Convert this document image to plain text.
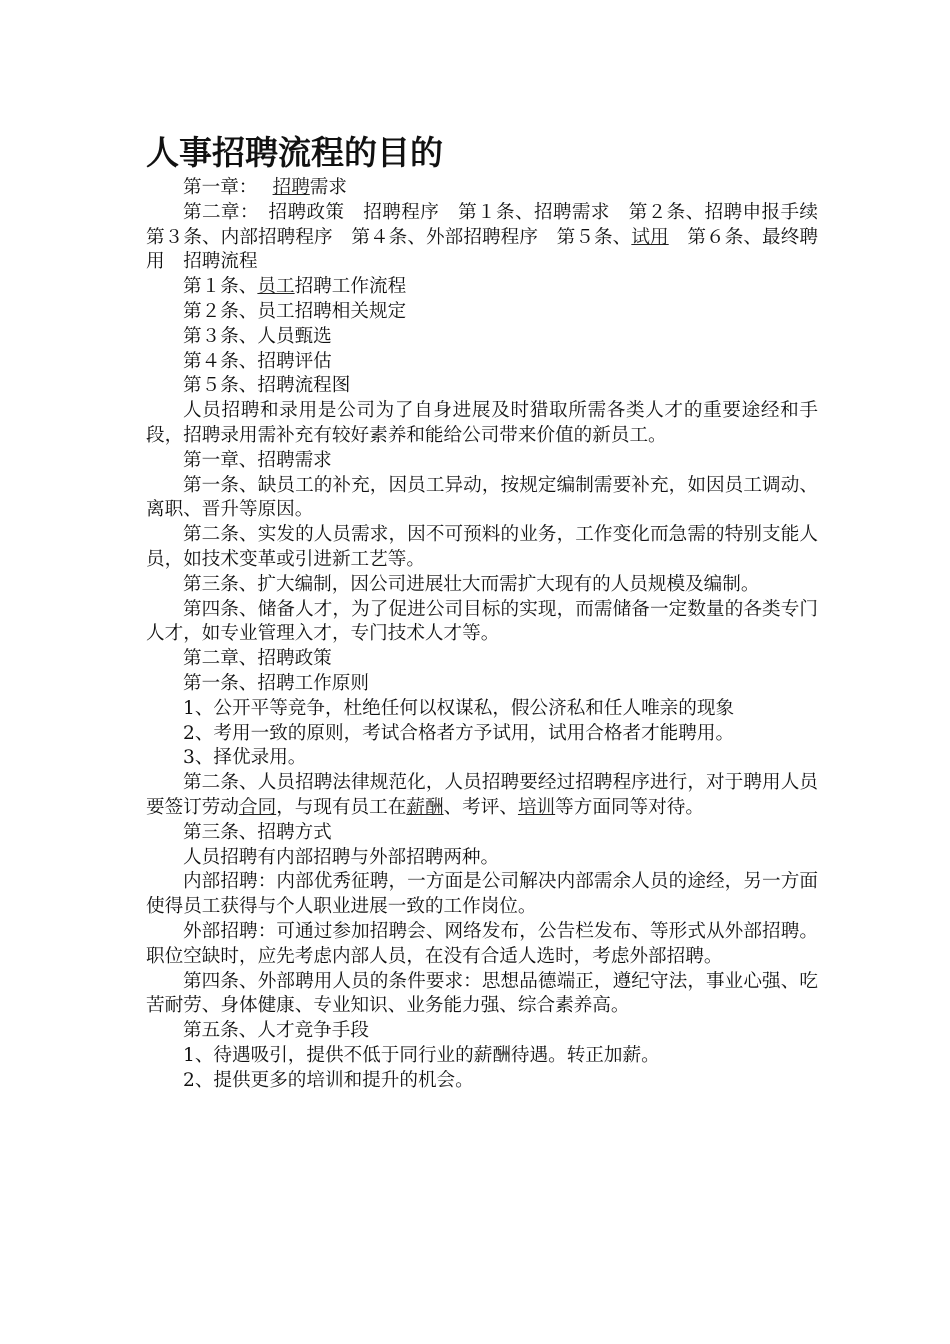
人事招聘流程的目的
第一章：　 招聘需求
第二章：　招聘政策　招聘程序　第１条、招聘需求　第２条、招聘申报手续　第３条、内部招聘程序　第４条、外部招聘程序　第５条、试用　第６条、最终聘用　招聘流程
第１条、员工招聘工作流程
第２条、员工招聘相关规定
第３条、人员甄选
第４条、招聘评估
第５条、招聘流程图
人员招聘和录用是公司为了自身进展及时猎取所需各类人才的重要途经和手段，招聘录用需补充有较好素养和能给公司带来价值的新员工。
第一章、招聘需求
第一条、缺员工的补充，因员工异动，按规定编制需要补充，如因员工调动、离职、晋升等原因。
第二条、实发的人员需求，因不可预料的业务，工作变化而急需的特别支能人员，如技术变革或引进新工艺等。
第三条、扩大编制，因公司进展壮大而需扩大现有的人员规模及编制。
第四条、储备人才，为了促进公司目标的实现，而需储备一定数量的各类专门人才，如专业管理入才，专门技术人才等。
第二章、招聘政策
第一条、招聘工作原则
1、公开平等竞争，杜绝任何以权谋私，假公济私和任人唯亲的现象
2、考用一致的原则，考试合格者方予试用，试用合格者才能聘用。
3、择优录用。
第二条、人员招聘法律规范化，人员招聘要经过招聘程序进行，对于聘用人员要签订劳动合同，与现有员工在薪酬、考评、培训等方面同等对待。
第三条、招聘方式
人员招聘有内部招聘与外部招聘两种。
内部招聘：内部优秀征聘，一方面是公司解决内部需余人员的途经，另一方面使得员工获得与个人职业进展一致的工作岗位。
外部招聘：可通过参加招聘会、网络发布，公告栏发布、等形式从外部招聘。职位空缺时，应先考虑内部人员，在没有合适人选时，考虑外部招聘。
第四条、外部聘用人员的条件要求：思想品德端正，遵纪守法，事业心强、吃苦耐劳、身体健康、专业知识、业务能力强、综合素养高。
第五条、人才竞争手段
1、待遇吸引，提供不低于同行业的薪酬待遇。转正加薪。
2、提供更多的培训和提升的机会。
